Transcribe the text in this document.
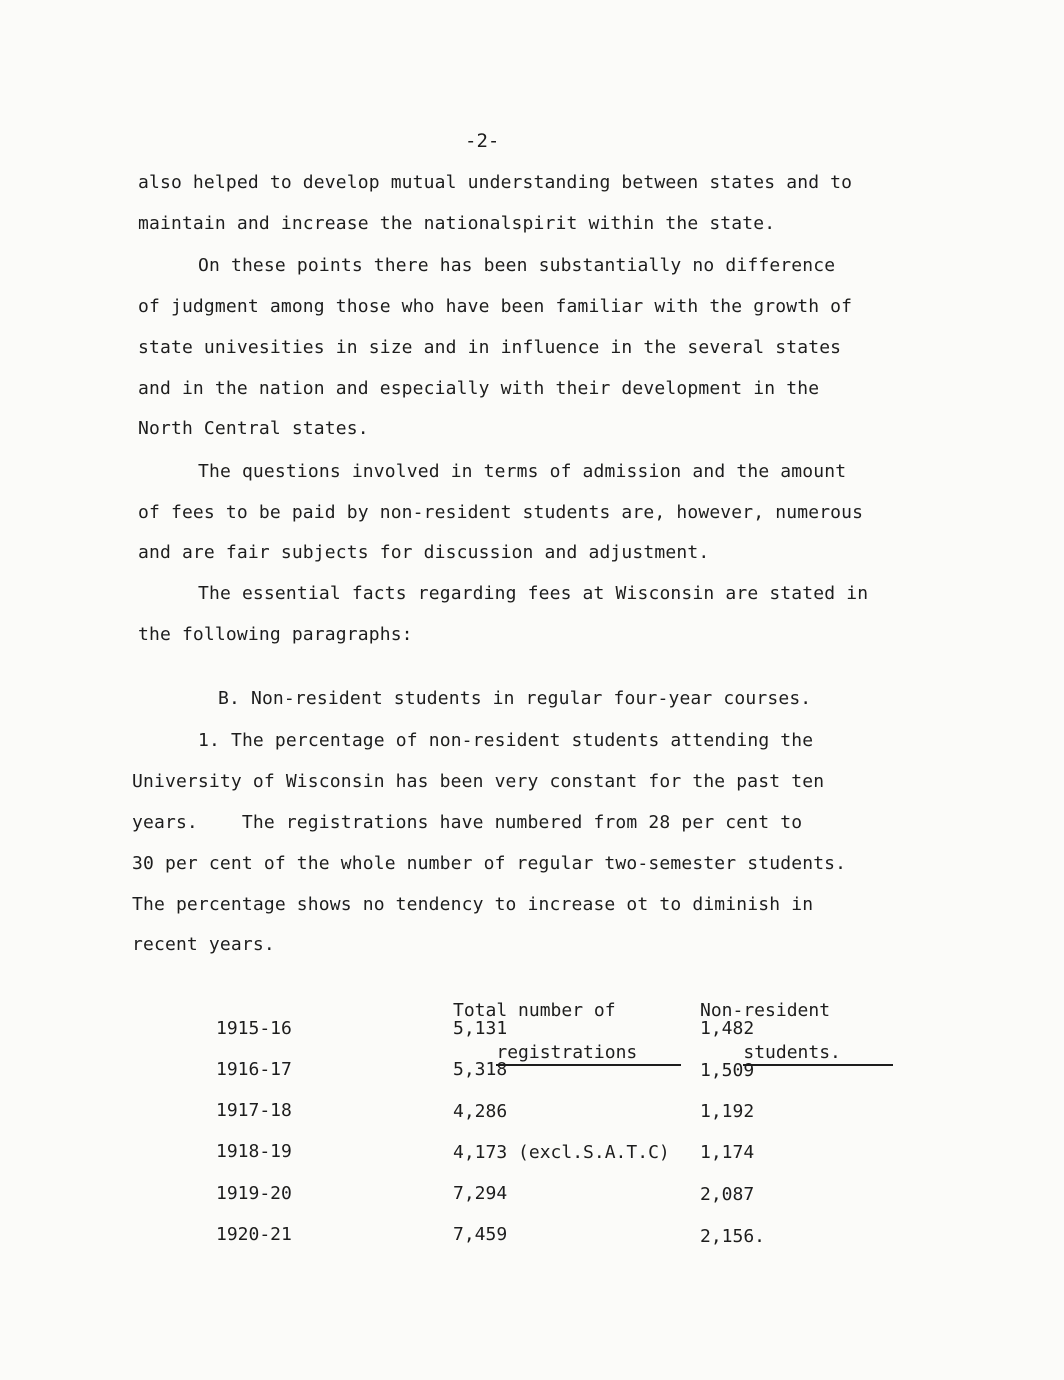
-2-
also helped to develop mutual understanding between states and to
maintain and increase the nationalspirit within the state.
On these points there has been substantially no difference
of judgment among those who have been familiar with the growth of
state univesities in size and in influence in the several states
and in the nation and especially with their development in the
North Central states.
The questions involved in terms of admission and the amount
of fees to be paid by non-resident students are, however, numerous
and are fair subjects for discussion and adjustment.
The essential facts regarding fees at Wisconsin are stated in
the following paragraphs:
B. Non-resident students in regular four-year courses.
1. The percentage of non-resident students attending the
University of Wisconsin has been very constant for the past ten
years.    The registrations have numbered from 28 per cent to
30 per cent of the whole number of regular two-semester students.
The percentage shows no tendency to increase ot to diminish in
recent years.

Total number of

registrations

Non-resident

students.

1915-16	5,131	1,482
1916-17	5,318	1,509
1917-18	4,286	1,192
1918-19	4,173 (excl.S.A.T.C) 1,174
1919-20	7,294	2,087
1920-21	7,459	2,156.
